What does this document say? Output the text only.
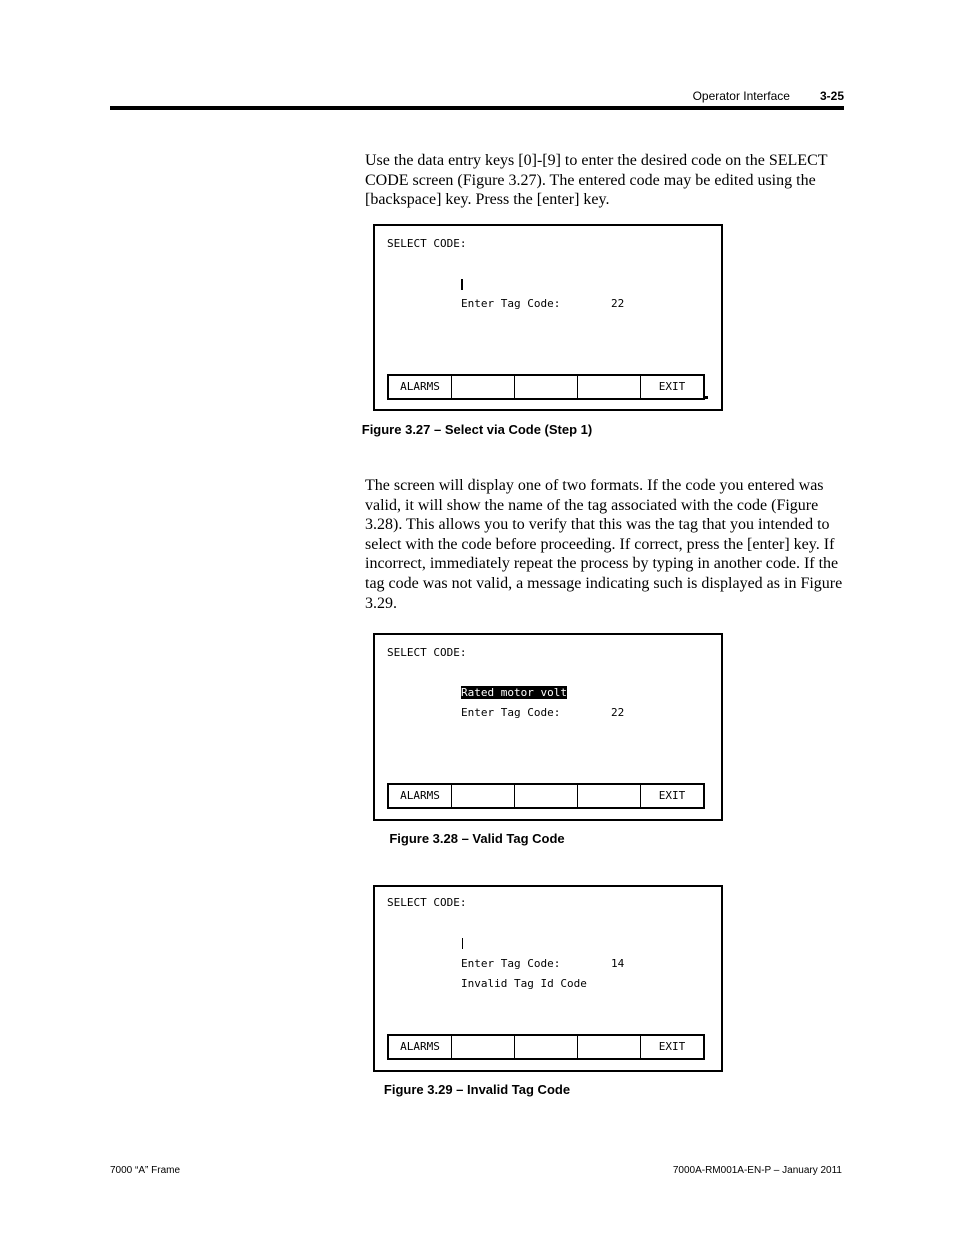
Operator Interface	3-25

Use the data entry keys [0]-[9] to enter the desired code on the SELECT CODE screen (Figure 3.27). The entered code may be edited using the [backspace] key. Press the [enter] key.

SELECT CODE:
Enter Tag Code:	22
ALARMS	EXIT
Figure 3.27 – Select via Code (Step 1)

The screen will display one of two formats. If the code you entered was valid, it will show the name of the tag associated with the code (Figure 3.28). This allows you to verify that this was the tag that you intended to select with the code before proceeding. If correct, press the [enter] key. If incorrect, immediately repeat the process by typing in another code. If the tag code was not valid, a message indicating such is displayed as in Figure 3.29.

SELECT CODE:
Rated motor volt
Enter Tag Code:	22
ALARMS	EXIT
Figure 3.28 – Valid Tag Code
SELECT CODE:
Enter Tag Code:	14
Invalid Tag Id Code
ALARMS	EXIT
Figure 3.29 – Invalid Tag Code
7000 “A” Frame	7000A-RM001A-EN-P – January 2011
